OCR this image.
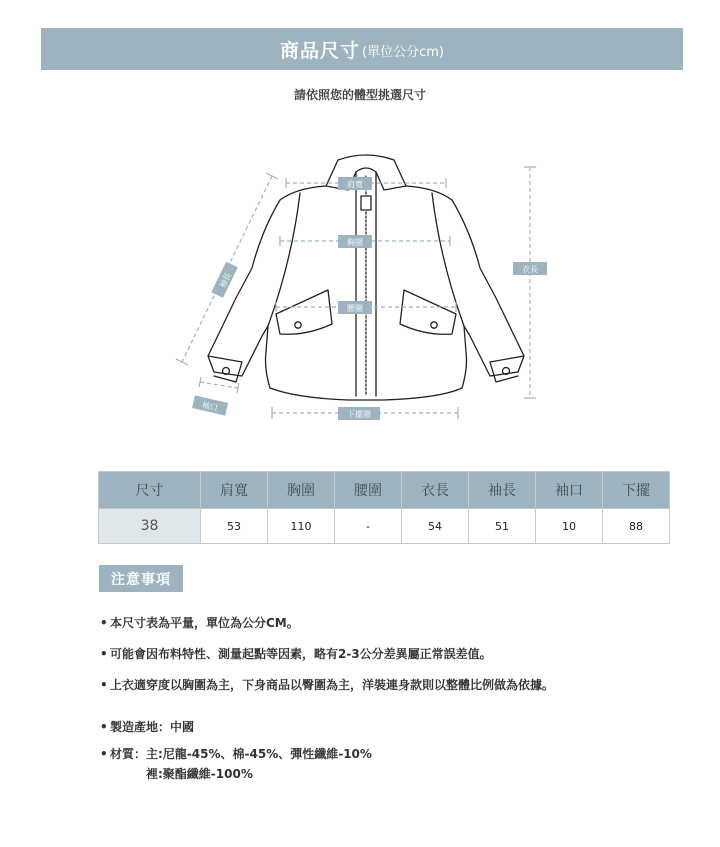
商品尺寸 (單位公分cm)
請依照您的體型挑選尺寸
肩寬
胸圍
腰圍
下擺圍
衣長
袖長
袖口
尺寸	肩寬	胸圍	腰圍	衣長	袖長	袖口	下擺
38	53	110	-	54	51	10	88
注意事項
• 本尺寸表為平量，單位為公分CM。
• 可能會因布料特性、測量起點等因素，略有2-3公分差異屬正常誤差值。
• 上衣適穿度以胸圍為主，下身商品以臀圍為主，洋裝連身款則以整體比例做為依據。
• 製造產地：中國
• 材質：主:尼龍-45%、棉-45%、彈性纖維-10%
裡:聚酯纖維-100%
